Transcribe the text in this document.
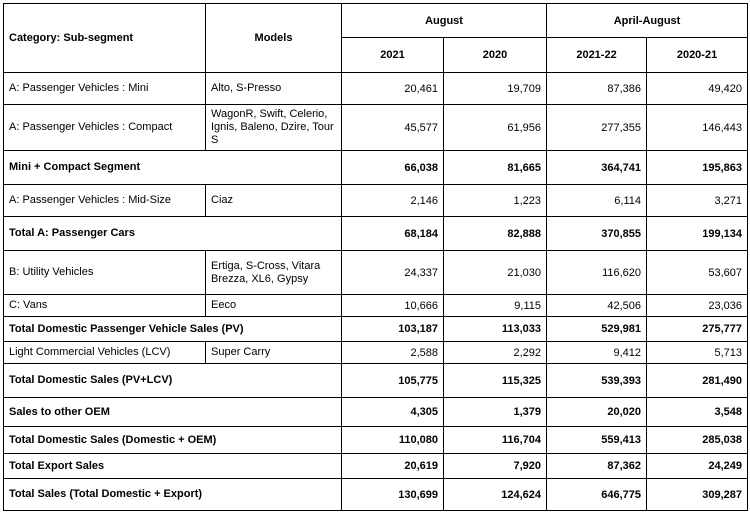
Category: Sub-segment	Models	August		April-August	
		2021	2020	2021-22	2020-21
A: Passenger Vehicles : Mini	Alto, S-Presso	20,461	19,709	87,386	49,420
A: Passenger Vehicles : Compact	WagonR, Swift, Celerio, Ignis, Baleno, Dzire, Tour S	45,577	61,956	277,355	146,443
Mini + Compact Segment		66,038	81,665	364,741	195,863
A: Passenger Vehicles : Mid-Size	Ciaz	2,146	1,223	6,114	3,271
Total A: Passenger Cars		68,184	82,888	370,855	199,134
B: Utility Vehicles	Ertiga, S-Cross, Vitara Brezza, XL6, Gypsy	24,337	21,030	116,620	53,607
C: Vans	Eeco	10,666	9,115	42,506	23,036
Total Domestic Passenger Vehicle Sales (PV)		103,187	113,033	529,981	275,777
Light Commercial Vehicles (LCV)	Super Carry	2,588	2,292	9,412	5,713
Total Domestic Sales (PV+LCV)		105,775	115,325	539,393	281,490
Sales to other OEM		4,305	1,379	20,020	3,548
Total Domestic Sales (Domestic + OEM)		110,080	116,704	559,413	285,038
Total Export Sales		20,619	7,920	87,362	24,249
Total Sales (Total Domestic + Export)		130,699	124,624	646,775	309,287
